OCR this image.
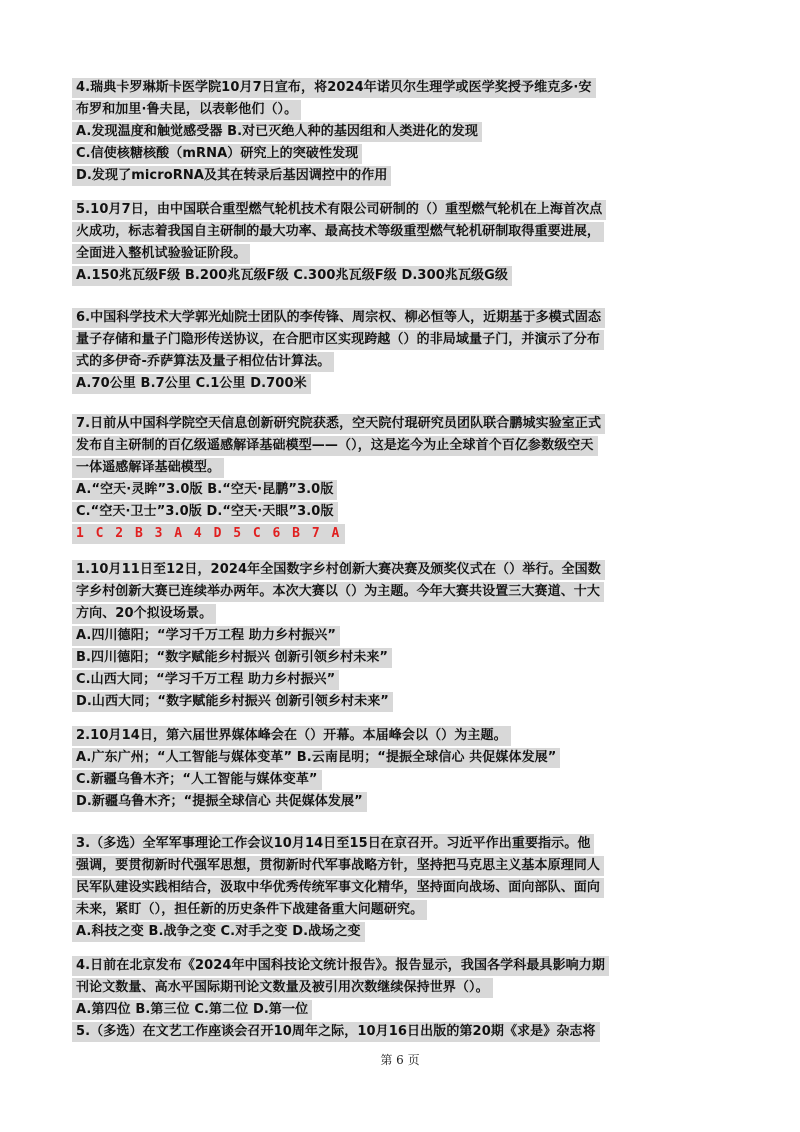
4.瑞典卡罗琳斯卡医学院10月7日宣布，将2024年诺贝尔生理学或医学奖授予维克多·安
布罗和加里·鲁夫昆，以表彰他们（）。
A.发现温度和触觉感受器 B.对已灭绝人种的基因组和人类进化的发现
C.信使核糖核酸（mRNA）研究上的突破性发现
D.发现了microRNA及其在转录后基因调控中的作用
5.10月7日，由中国联合重型燃气轮机技术有限公司研制的（）重型燃气轮机在上海首次点
火成功，标志着我国自主研制的最大功率、最高技术等级重型燃气轮机研制取得重要进展，
全面进入整机试验验证阶段。
A.150兆瓦级F级 B.200兆瓦级F级 C.300兆瓦级F级 D.300兆瓦级G级
6.中国科学技术大学郭光灿院士团队的李传锋、周宗权、柳必恒等人，近期基于多模式固态
量子存储和量子门隐形传送协议，在合肥市区实现跨越（）的非局域量子门，并演示了分布
式的多伊奇-乔萨算法及量子相位估计算法。
A.70公里 B.7公里 C.1公里 D.700米
7.日前从中国科学院空天信息创新研究院获悉，空天院付琨研究员团队联合鹏城实验室正式
发布自主研制的百亿级遥感解译基础模型——（），这是迄今为止全球首个百亿参数级空天
一体遥感解译基础模型。
A.“空天·灵眸”3.0版 B.“空天·昆鹏”3.0版
C.“空天·卫士”3.0版 D.“空天·天眼”3.0版
1 C 2 B 3 A 4 D 5 C 6 B 7 A
1.10月11日至12日，2024年全国数字乡村创新大赛决赛及颁奖仪式在（）举行。全国数
字乡村创新大赛已连续举办两年。本次大赛以（）为主题。今年大赛共设置三大赛道、十大
方向、20个拟设场景。
A.四川德阳；“学习千万工程 助力乡村振兴”
B.四川德阳；“数字赋能乡村振兴 创新引领乡村未来”
C.山西大同；“学习千万工程 助力乡村振兴”
D.山西大同；“数字赋能乡村振兴 创新引领乡村未来”
2.10月14日，第六届世界媒体峰会在（）开幕。本届峰会以（）为主题。
A.广东广州；“人工智能与媒体变革” B.云南昆明；“提振全球信心 共促媒体发展”
C.新疆乌鲁木齐；“人工智能与媒体变革”
D.新疆乌鲁木齐；“提振全球信心 共促媒体发展”
3.（多选）全军军事理论工作会议10月14日至15日在京召开。习近平作出重要指示。他
强调，要贯彻新时代强军思想，贯彻新时代军事战略方针，坚持把马克思主义基本原理同人
民军队建设实践相结合，汲取中华优秀传统军事文化精华，坚持面向战场、面向部队、面向
未来，紧盯（），担任新的历史条件下战建备重大问题研究。
A.科技之变 B.战争之变 C.对手之变 D.战场之变
4.日前在北京发布《2024年中国科技论文统计报告》。报告显示，我国各学科最具影响力期
刊论文数量、高水平国际期刊论文数量及被引用次数继续保持世界（）。
A.第四位 B.第三位 C.第二位 D.第一位
5.（多选）在文艺工作座谈会召开10周年之际，10月16日出版的第20期《求是》杂志将
第 6 页
